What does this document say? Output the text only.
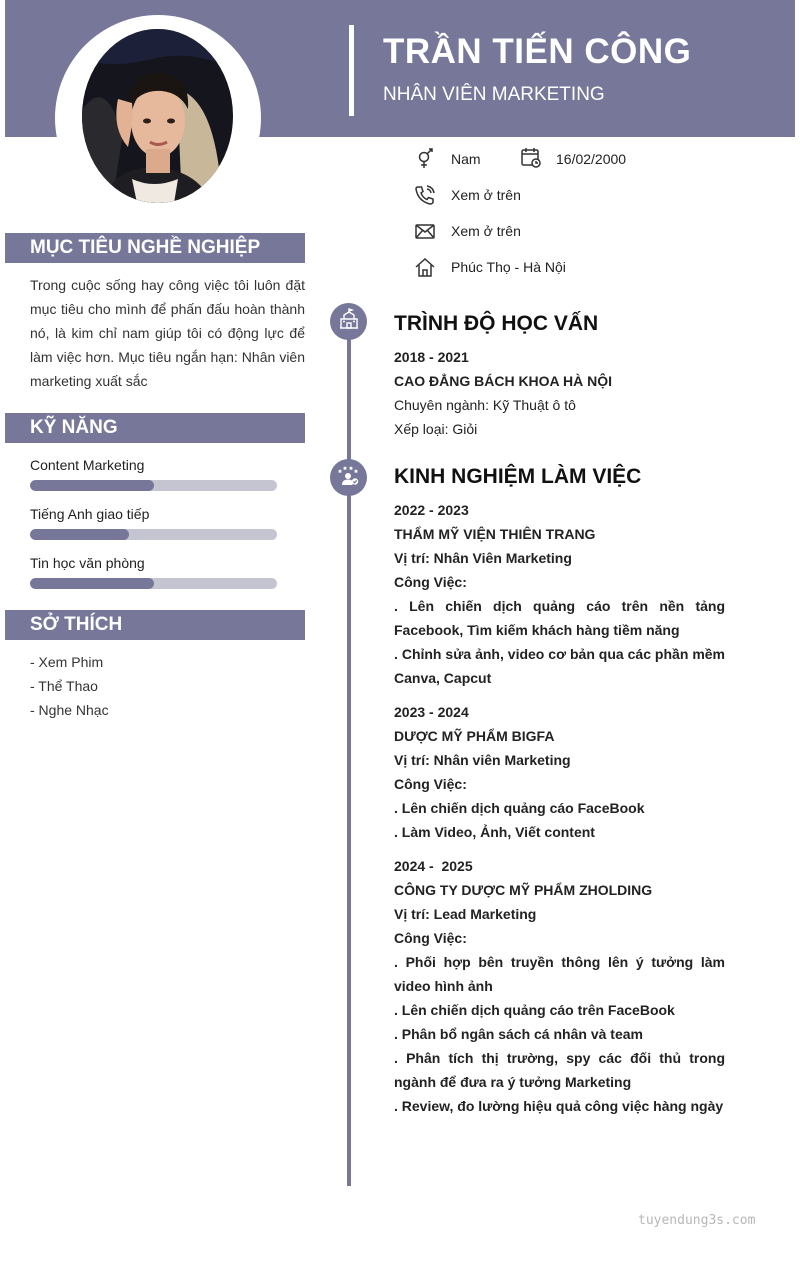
TRẦN TIẾN CÔNG
NHÂN VIÊN MARKETING
Nam	16/02/2000
Xem ở trên
Xem ở trên
Phúc Thọ - Hà Nội
MỤC TIÊU NGHỀ NGHIỆP
Trong cuộc sống hay công việc tôi luôn đặt mục tiêu cho mình để phấn đấu hoàn thành nó, là kim chỉ nam giúp tôi có động lực để làm việc hơn. Mục tiêu ngắn hạn: Nhân viên marketing xuất sắc
KỸ NĂNG
Content Marketing
Tiếng Anh giao tiếp
Tin học văn phòng
SỞ THÍCH
- Xem Phim
- Thể Thao
- Nghe Nhạc
TRÌNH ĐỘ HỌC VẤN
2018 - 2021
CAO ĐẲNG BÁCH KHOA HÀ NỘI
Chuyên ngành: Kỹ Thuật ô tô
Xếp loại: Giỏi
KINH NGHIỆM LÀM VIỆC
2022 - 2023
THẨM MỸ VIỆN THIÊN TRANG
Vị trí: Nhân Viên Marketing
Công Việc:
. Lên chiến dịch quảng cáo trên nền tảng Facebook, Tìm kiếm khách hàng tiềm năng
. Chỉnh sửa ảnh, video cơ bản qua các phần mềm Canva, Capcut
2023 - 2024
DƯỢC MỸ PHẨM BIGFA
Vị trí: Nhân viên Marketing
Công Việc:
. Lên chiến dịch quảng cáo FaceBook
. Làm Video, Ảnh, Viết content
2024 -  2025
CÔNG TY DƯỢC MỸ PHẨM ZHOLDING
Vị trí: Lead Marketing
Công Việc:
. Phối hợp bên truyền thông lên ý tưởng làm video hình ảnh
. Lên chiến dịch quảng cáo trên FaceBook
. Phân bổ ngân sách cá nhân và team
. Phân tích thị trường, spy các đối thủ trong ngành để đưa ra ý tưởng Marketing
. Review, đo lường hiệu quả công việc hàng ngày
tuyendung3s.com
